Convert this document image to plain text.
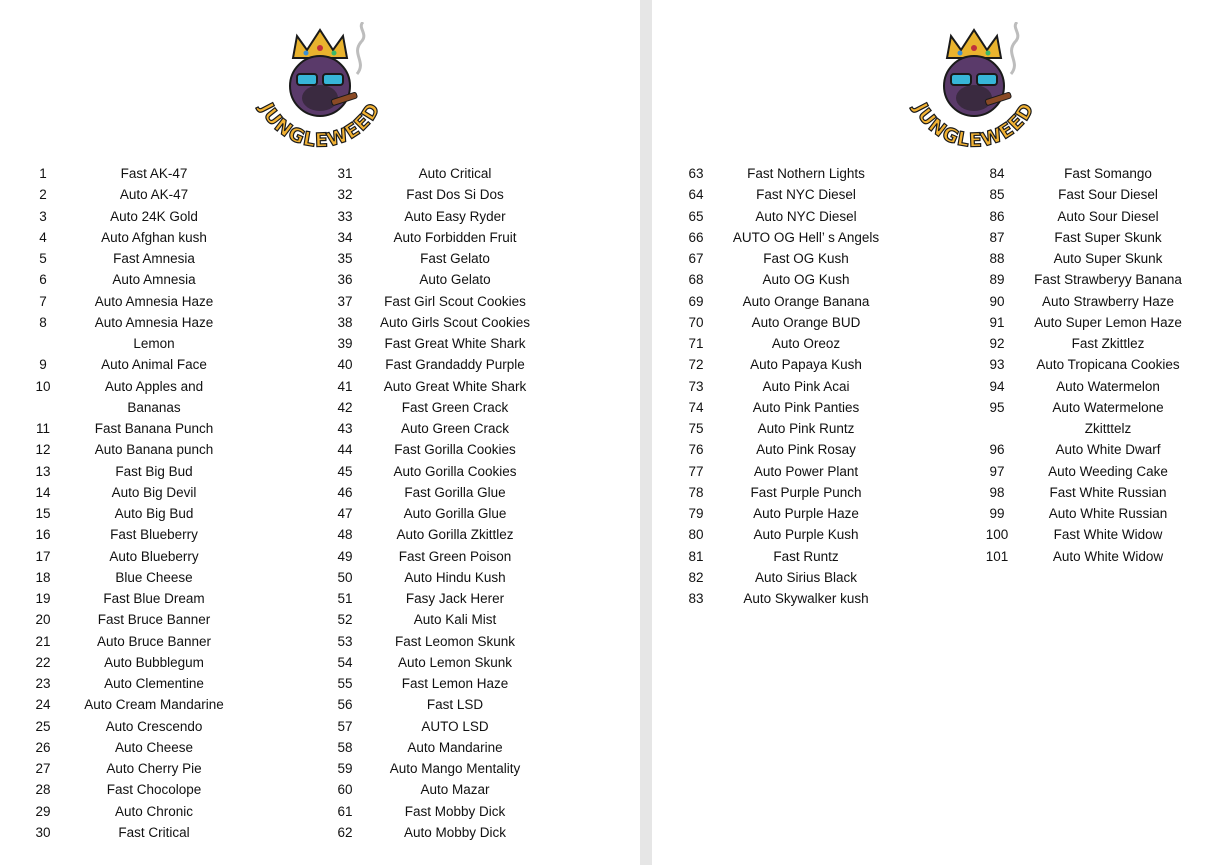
JUNGLEWEED
1	Fast AK-47
2	Auto AK-47
3	Auto 24K Gold
4	Auto Afghan kush
5	Fast Amnesia
6	Auto Amnesia
7	Auto Amnesia Haze
8	Auto Amnesia Haze
Lemon
9	Auto Animal Face
10	Auto Apples and
Bananas
11	Fast Banana Punch
12	Auto Banana punch
13	Fast Big Bud
14	Auto Big Devil
15	Auto Big Bud
16	Fast Blueberry
17	Auto Blueberry
18	Blue Cheese
19	Fast Blue Dream
20	Fast Bruce Banner
21	Auto Bruce Banner
22	Auto Bubblegum
23	Auto Clementine
24	Auto Cream Mandarine
25	Auto Crescendo
26	Auto Cheese
27	Auto Cherry Pie
28	Fast Chocolope
29	Auto Chronic
30	Fast Critical
31	Auto Critical
32	Fast Dos Si Dos
33	Auto Easy Ryder
34	Auto Forbidden Fruit
35	Fast Gelato
36	Auto Gelato
37	Fast Girl Scout Cookies
38	Auto Girls Scout Cookies
39	Fast Great White Shark
40	Fast Grandaddy Purple
41	Auto Great White Shark
42	Fast Green Crack
43	Auto Green Crack
44	Fast Gorilla Cookies
45	Auto Gorilla Cookies
46	Fast Gorilla Glue
47	Auto Gorilla Glue
48	Auto Gorilla Zkittlez
49	Fast Green Poison
50	Auto Hindu Kush
51	Fasy Jack Herer
52	Auto Kali Mist
53	Fast Leomon Skunk
54	Auto Lemon Skunk
55	Fast Lemon Haze
56	Fast LSD
57	AUTO LSD
58	Auto Mandarine
59	Auto Mango Mentality
60	Auto Mazar
61	Fast Mobby Dick
62	Auto Mobby Dick
JUNGLEWEED
63	Fast Nothern Lights
64	Fast NYC Diesel
65	Auto NYC Diesel
66	AUTO OG Hell’ s Angels
67	Fast OG Kush
68	Auto OG Kush
69	Auto Orange Banana
70	Auto Orange BUD
71	Auto Oreoz
72	Auto Papaya Kush
73	Auto Pink Acai
74	Auto Pink Panties
75	Auto Pink Runtz
76	Auto Pink Rosay
77	Auto Power Plant
78	Fast Purple Punch
79	Auto Purple Haze
80	Auto Purple Kush
81	Fast Runtz
82	Auto Sirius Black
83	Auto Skywalker kush
84	Fast Somango
85	Fast Sour Diesel
86	Auto Sour Diesel
87	Fast Super Skunk
88	Auto Super Skunk
89	Fast Strawberyy Banana
90	Auto Strawberry Haze
91	Auto Super Lemon Haze
92	Fast Zkittlez
93	Auto Tropicana Cookies
94	Auto Watermelon
95	Auto Watermelone
Zkitttelz
96	Auto White Dwarf
97	Auto Weeding Cake
98	Fast White Russian
99	Auto White Russian
100	Fast White Widow
101	Auto White Widow
